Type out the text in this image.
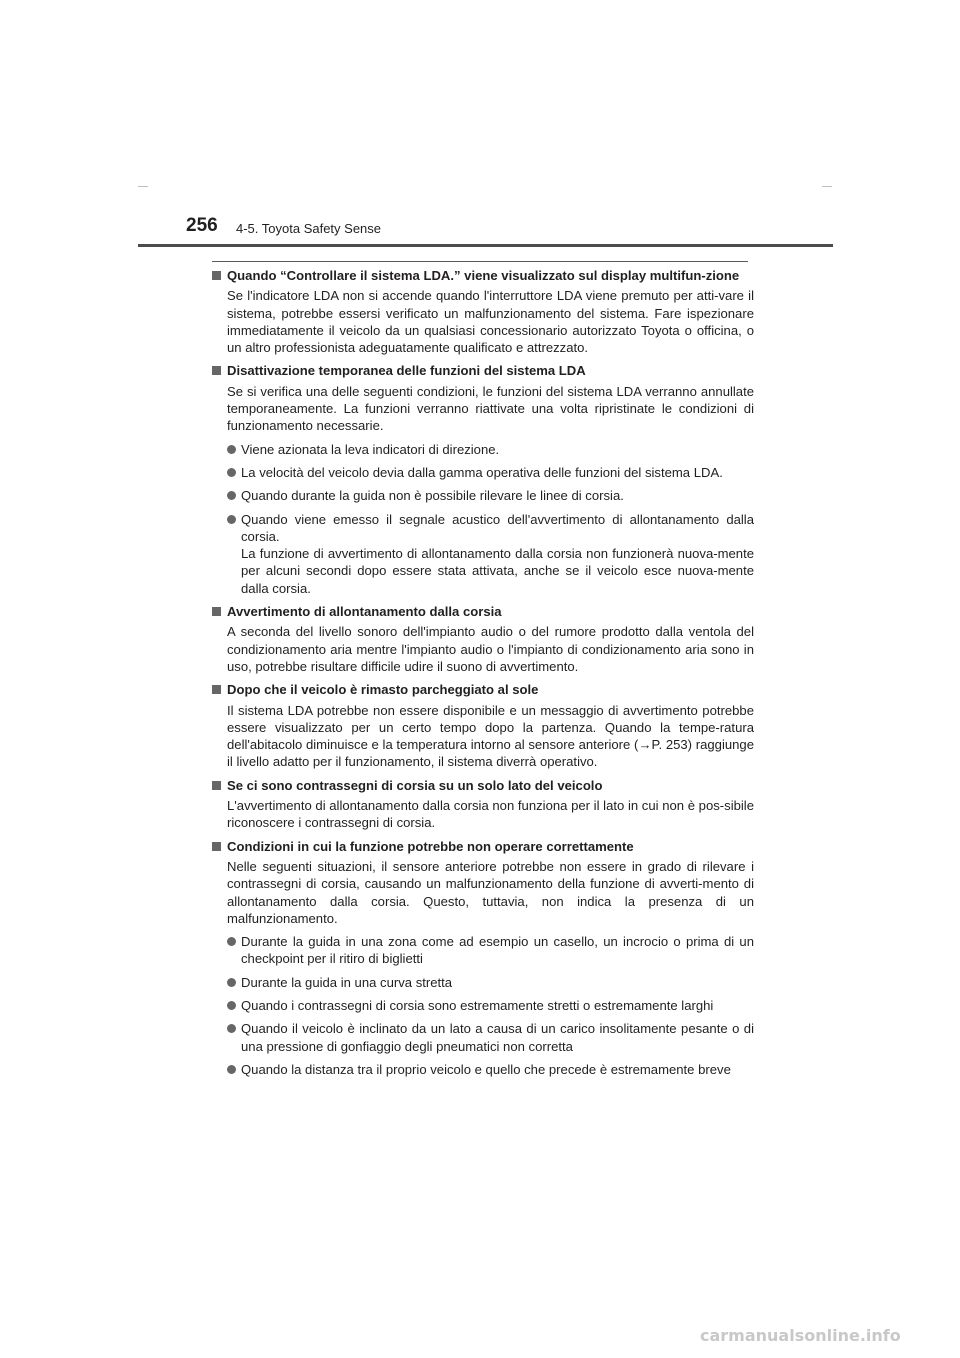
256 4-5. Toyota Safety Sense
Quando “Controllare il sistema LDA.” viene visualizzato sul display multifun-zione
Se l'indicatore LDA non si accende quando l'interruttore LDA viene premuto per atti-vare il sistema, potrebbe essersi verificato un malfunzionamento del sistema. Fare ispezionare immediatamente il veicolo da un qualsiasi concessionario autorizzato Toyota o officina, o un altro professionista adeguatamente qualificato e attrezzato.
Disattivazione temporanea delle funzioni del sistema LDA
Se si verifica una delle seguenti condizioni, le funzioni del sistema LDA verranno annullate temporaneamente. La funzioni verranno riattivate una volta ripristinate le condizioni di funzionamento necessarie.
Viene azionata la leva indicatori di direzione.
La velocità del veicolo devia dalla gamma operativa delle funzioni del sistema LDA.
Quando durante la guida non è possibile rilevare le linee di corsia.
Quando viene emesso il segnale acustico dell'avvertimento di allontanamento dalla corsia.
La funzione di avvertimento di allontanamento dalla corsia non funzionerà nuova-mente per alcuni secondi dopo essere stata attivata, anche se il veicolo esce nuova-mente dalla corsia.
Avvertimento di allontanamento dalla corsia
A seconda del livello sonoro dell'impianto audio o del rumore prodotto dalla ventola del condizionamento aria mentre l'impianto audio o l'impianto di condizionamento aria sono in uso, potrebbe risultare difficile udire il suono di avvertimento.
Dopo che il veicolo è rimasto parcheggiato al sole
Il sistema LDA potrebbe non essere disponibile e un messaggio di avvertimento potrebbe essere visualizzato per un certo tempo dopo la partenza. Quando la tempe-ratura dell'abitacolo diminuisce e la temperatura intorno al sensore anteriore (→P. 253) raggiunge il livello adatto per il funzionamento, il sistema diverrà operativo.
Se ci sono contrassegni di corsia su un solo lato del veicolo
L'avvertimento di allontanamento dalla corsia non funziona per il lato in cui non è pos-sibile riconoscere i contrassegni di corsia.
Condizioni in cui la funzione potrebbe non operare correttamente
Nelle seguenti situazioni, il sensore anteriore potrebbe non essere in grado di rilevare i contrassegni di corsia, causando un malfunzionamento della funzione di avverti-mento di allontanamento dalla corsia. Questo, tuttavia, non indica la presenza di un malfunzionamento.
Durante la guida in una zona come ad esempio un casello, un incrocio o prima di un checkpoint per il ritiro di biglietti
Durante la guida in una curva stretta
Quando i contrassegni di corsia sono estremamente stretti o estremamente larghi
Quando il veicolo è inclinato da un lato a causa di un carico insolitamente pesante o di una pressione di gonfiaggio degli pneumatici non corretta
Quando la distanza tra il proprio veicolo e quello che precede è estremamente breve
carmanualsonline.info
